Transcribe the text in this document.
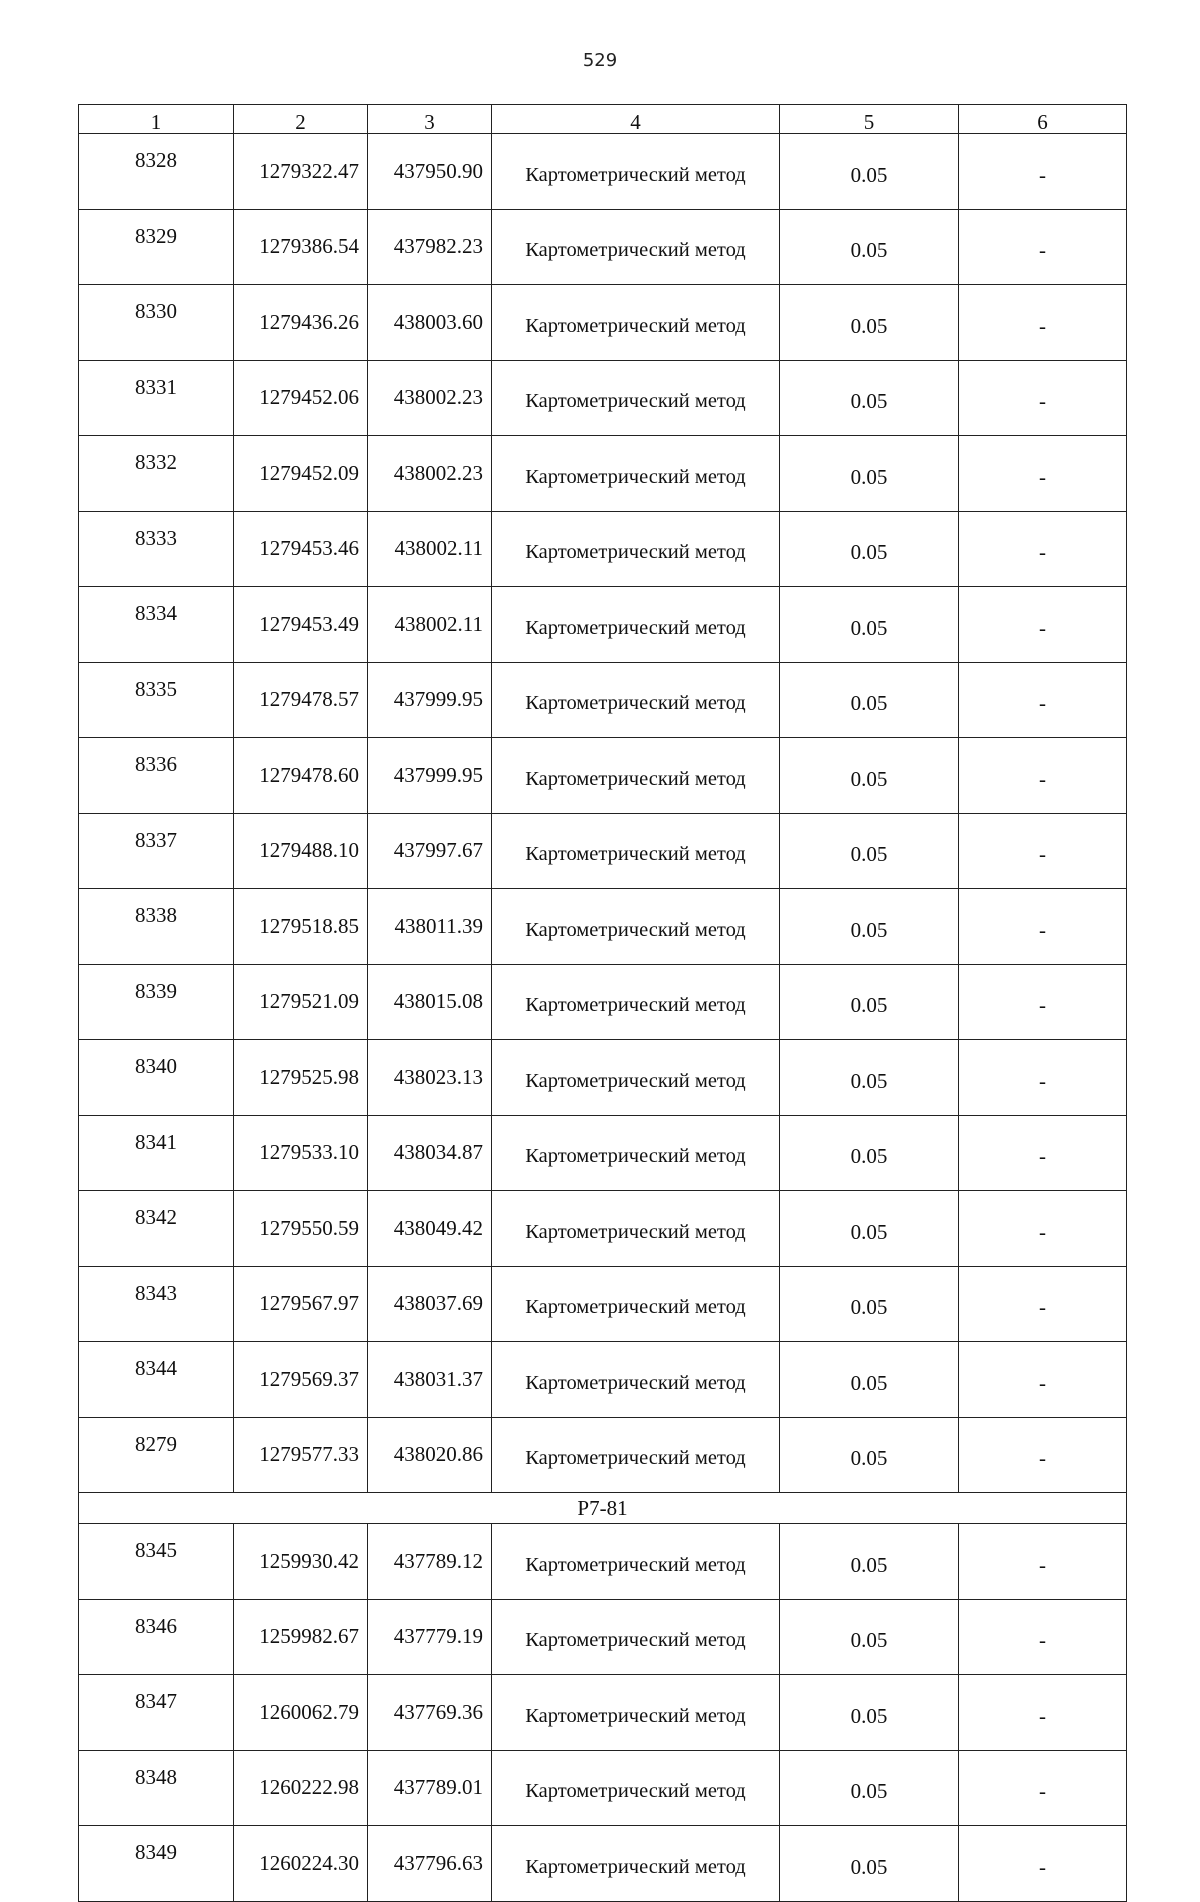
529
1	2	3	4	5	6
8328	1279322.47	437950.90	Картометрический метод	0.05	-
8329	1279386.54	437982.23	Картометрический метод	0.05	-
8330	1279436.26	438003.60	Картометрический метод	0.05	-
8331	1279452.06	438002.23	Картометрический метод	0.05	-
8332	1279452.09	438002.23	Картометрический метод	0.05	-
8333	1279453.46	438002.11	Картометрический метод	0.05	-
8334	1279453.49	438002.11	Картометрический метод	0.05	-
8335	1279478.57	437999.95	Картометрический метод	0.05	-
8336	1279478.60	437999.95	Картометрический метод	0.05	-
8337	1279488.10	437997.67	Картометрический метод	0.05	-
8338	1279518.85	438011.39	Картометрический метод	0.05	-
8339	1279521.09	438015.08	Картометрический метод	0.05	-
8340	1279525.98	438023.13	Картометрический метод	0.05	-
8341	1279533.10	438034.87	Картометрический метод	0.05	-
8342	1279550.59	438049.42	Картометрический метод	0.05	-
8343	1279567.97	438037.69	Картометрический метод	0.05	-
8344	1279569.37	438031.37	Картометрический метод	0.05	-
8279	1279577.33	438020.86	Картометрический метод	0.05	-
Р7-81					
8345	1259930.42	437789.12	Картометрический метод	0.05	-
8346	1259982.67	437779.19	Картометрический метод	0.05	-
8347	1260062.79	437769.36	Картометрический метод	0.05	-
8348	1260222.98	437789.01	Картометрический метод	0.05	-
8349	1260224.30	437796.63	Картометрический метод	0.05	-
